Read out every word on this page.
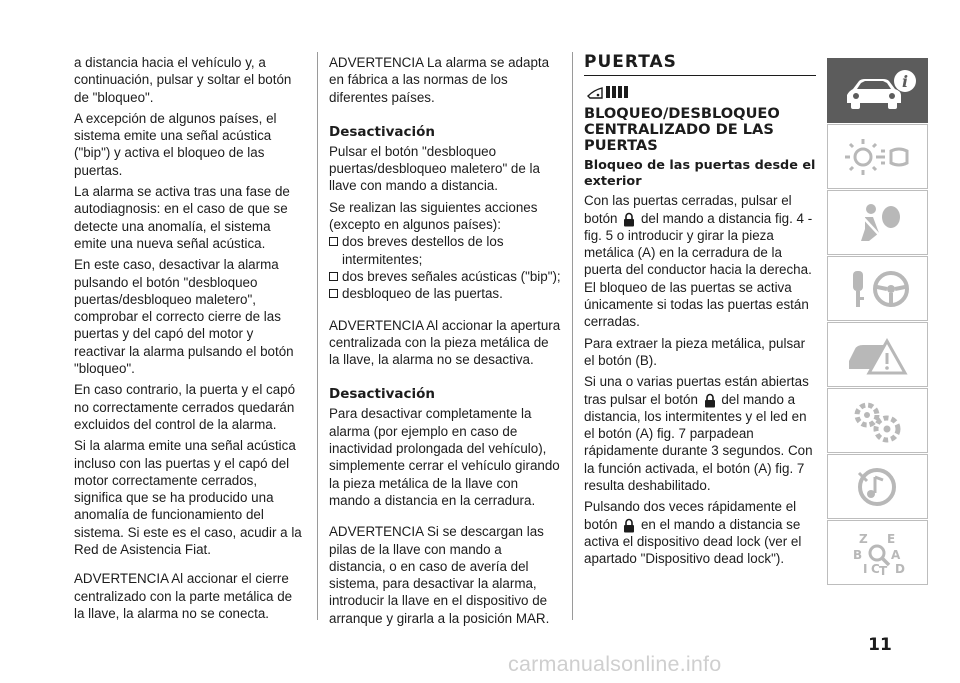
a distancia hacia el vehículo y, a continuación, pulsar y soltar el botón de "bloqueo".

A excepción de algunos países, el sistema emite una señal acústica ("bip") y activa el bloqueo de las puertas.

La alarma se activa tras una fase de autodiagnosis: en el caso de que se detecte una anomalía, el sistema emite una nueva señal acústica.

En este caso, desactivar la alarma pulsando el botón "desbloqueo puertas/desbloqueo maletero", comprobar el correcto cierre de las puertas y del capó del motor y reactivar la alarma pulsando el botón "bloqueo".

En caso contrario, la puerta y el capó no correctamente cerrados quedarán excluidos del control de la alarma.

Si la alarma emite una señal acústica incluso con las puertas y el capó del motor correctamente cerrados, significa que se ha producido una anomalía de funcionamiento del sistema. Si este es el caso, acudir a la Red de Asistencia Fiat.

ADVERTENCIA Al accionar el cierre centralizado con la parte metálica de la llave, la alarma no se conecta.

ADVERTENCIA La alarma se adapta en fábrica a las normas de los diferentes países.

Desactivación

Pulsar el botón "desbloqueo puertas/desbloqueo maletero" de la llave con mando a distancia.

Se realizan las siguientes acciones (excepto en algunos países):

dos breves destellos de los intermitentes;
dos breves señales acústicas ("bip");
desbloqueo de las puertas.

ADVERTENCIA Al accionar la apertura centralizada con la pieza metálica de la llave, la alarma no se desactiva.

Desactivación

Para desactivar completamente la alarma (por ejemplo en caso de inactividad prolongada del vehículo), simplemente cerrar el vehículo girando la pieza metálica de la llave con mando a distancia en la cerradura.

ADVERTENCIA Si se descargan las pilas de la llave con mando a distancia, o en caso de avería del sistema, para desactivar la alarma, introducir la llave en el dispositivo de arranque y girarla a la posición MAR.

PUERTAS
BLOQUEO/DESBLOQUEO CENTRALIZADO DE LAS PUERTAS
Bloqueo de las puertas desde el exterior

Con las puertas cerradas, pulsar el botón del mando a distancia fig. 4 - fig. 5 o introducir y girar la pieza metálica (A) en la cerradura de la puerta del conductor hacia la derecha. El bloqueo de las puertas se activa únicamente si todas las puertas están cerradas.

Para extraer la pieza metálica, pulsar el botón (B).

Si una o varias puertas están abiertas tras pulsar el botón del mando a distancia, los intermitentes y el led en el botón (A) fig. 7 parpadean rápidamente durante 3 segundos. Con la función activada, el botón (A) fig. 7 resulta deshabilitado.

Pulsando dos veces rápidamente el botón en el mando a distancia se activa el dispositivo dead lock (ver el apartado "Dispositivo dead lock").

i
Z E
B A
I C T D
11
carmanualsonline.info
